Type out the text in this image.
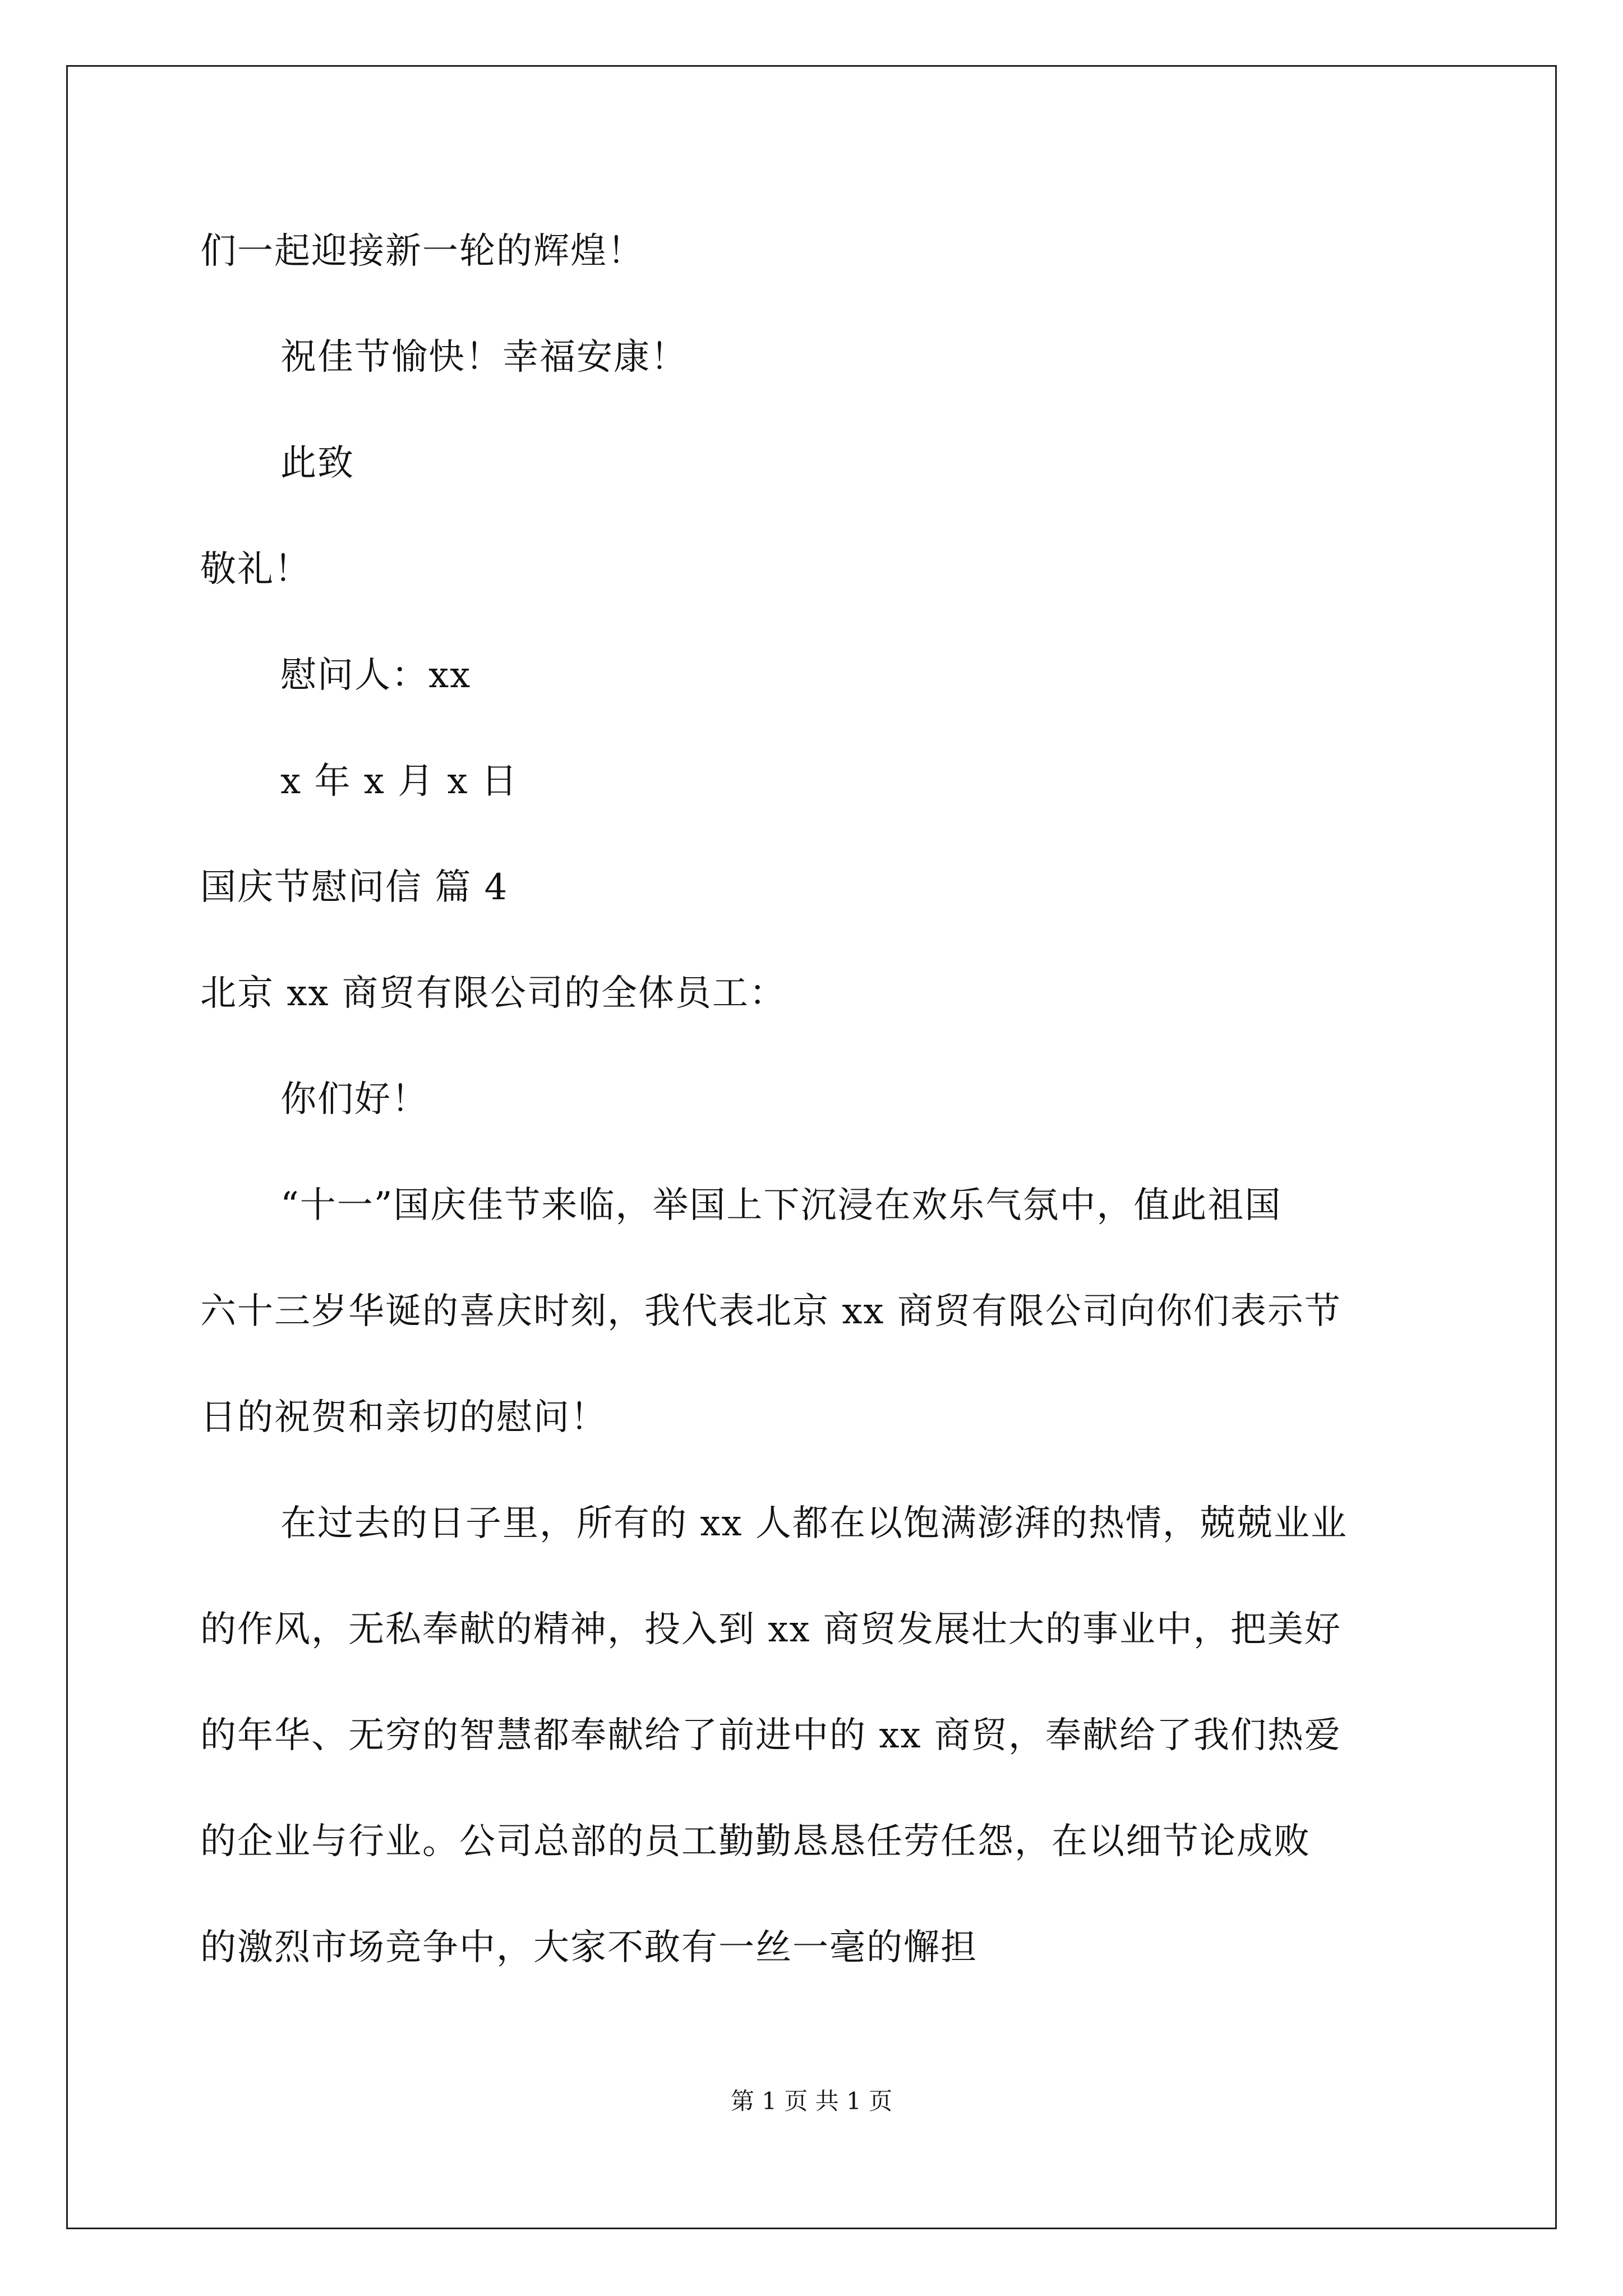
们一起迎接新一轮的辉煌！
祝佳节愉快！幸福安康！
此致
敬礼！
慰问人：xx
x 年 x 月 x 日
国庆节慰问信 篇 4
北京 xx 商贸有限公司的全体员工：
你们好！
“十一”国庆佳节来临，举国上下沉浸在欢乐气氛中，值此祖国
六十三岁华诞的喜庆时刻，我代表北京 xx 商贸有限公司向你们表示节
日的祝贺和亲切的慰问！
在过去的日子里，所有的 xx 人都在以饱满澎湃的热情，兢兢业业
的作风，无私奉献的精神，投入到 xx 商贸发展壮大的事业中，把美好
的年华、无穷的智慧都奉献给了前进中的 xx 商贸，奉献给了我们热爱
的企业与行业。公司总部的员工勤勤恳恳任劳任怨，在以细节论成败
的激烈市场竞争中，大家不敢有一丝一毫的懈担
第 1 页 共 1 页
